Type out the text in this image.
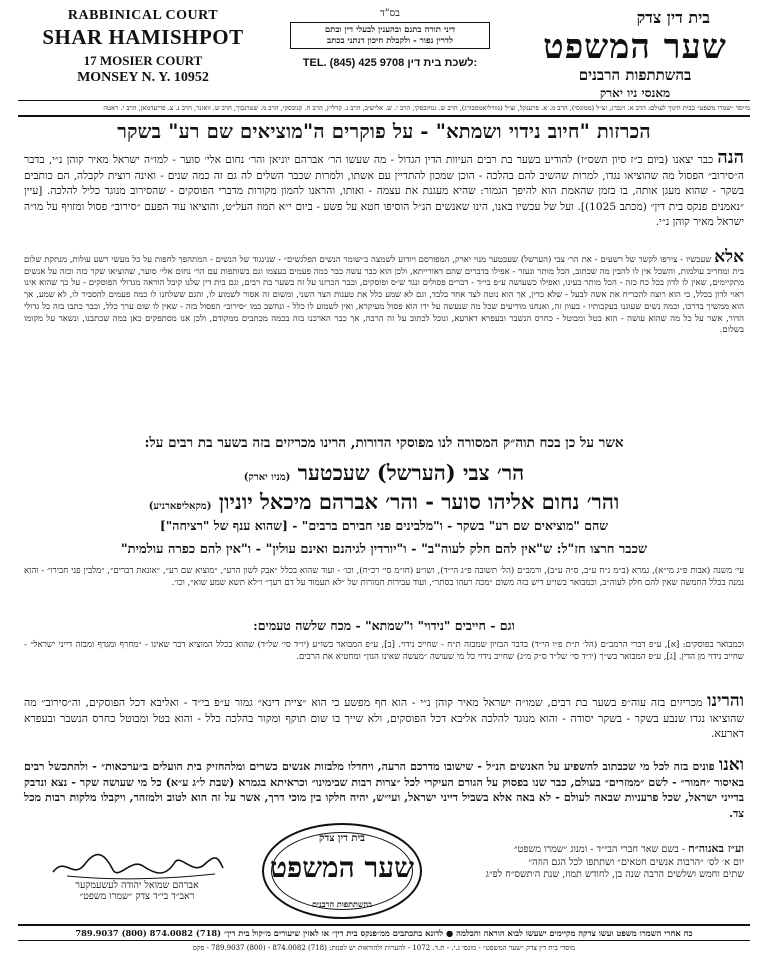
RABBINICAL COURT
SHAR HAMISHPOT
17 MOSIER COURT
MONSEY N. Y. 10952
בס"ד
דיני תורה בתנם ובהענין לבעלי דין ובתם
לדרין נפור - ולקבלת חיכון דנתני בכתב
TEL. (845) 425 9708 לשכת בית דין:
בית דין צדק
שער המשפט
בהשתתפות הרבנים
מאנסי ניו יארק
מייסד ״שמרו משפט״ בבית חינוך לעולם: הרב א. וינברג, זצ״ל (ממונסי), הרב מ. א. פרענקל, זצ״ל (מוויליאמסבורג), הרב ש. גנחובסקי, הרב י. ש. אלישיב, הרב נ. קרליץ, הרב ח. קניבסקי, הרב מ. שטרנבוך, הרב ש. וואזנר, הרב נ. צ. פריעדמאן, הרב י. ראטה
הכרזות "חיוב נידוי ושמתא" - על פוקרים ה"מוציאים שם רע" בשקר
הנה כבר יצאנו (ביום כ״ז סיון תשס״ז) להודיע בשער בת רבים העיוות הדין הגדול - מה שעשו הר׳ אברהם יוניאן והר׳ נחום אלי׳ סוער - למו״ה ישראל מאיר קוהן נ״י, בדבר ה״סירוב״ הפסול מה שהוציאו נגדו, למרות שהשיב להם בהלכה - הוכן שמכון להתדיין עם אשתו, ולמרות שכבר השלים לה גם זה כמה שנים - ואינה רוצית לקבלה, הם כותבים בשקר - שהוא מעגן אותה, בו בזמן שהאמת הוא להיפך הגמור: שהיא מעגנת את עצמה - ואותו, והראנו להמון מקורות מדברי הפוסקים - שהסירוב מנוגד כליל להלכה. [עיין ״נאמנים פנקס בית דין״ (מכתב 1025)]. ועל של עכשיו באנו, הינו שאנשים הנ״ל הוסיפו חטא על פשע - ביום י״א תמוז העל״ט, והוציאו עוד הפעם ״סירוב״ פסול ומזויף על מו״ה ישראל מאיר קוהן נ״י.
אלא שעכשיו - צירפו לקשר של רשעים - את הר׳ צבי (הערשל) שעכטער מנוי יארק, המפורסם ויודוע לשמצה ב״שומר הנשים הפלגשים״ - שנינגוד של הנשים - המתהפך לחפות על כל מעשי רשע עולות, מנתקת שלום בית ומחריב עולמות, והשכל אין לו להבין מה שכתוב, הכל מותר ונעזר - אפילו בדברים שהם דאורייתא, ולכן הוא כבר עשה כבר כמה פעמים בעצמו וגם בשותפות עם הר׳ נחום אלי׳ סוער, שהוציאו שקר כזה וכזה על אנשים מתקיימים, שאין לו לדון בכל כח כזה - הכל מותר בעינו, ואפילו כשעושה ע״פ בי״ד - דברים פסולים ונגד ש״ס ופוסקים, וכבר הכרזנו על זה בשער בת רבים, וגם בית דין שלנו קיבל הוראה מגדולי הפוסקים - על כך שהוא אינו ראוי לדון בכלל, כי הוא רוצה להכריח את אשה לבעל - שלא כדין, אך הוא נוטה לצד אחד בלבד, וגם לא שמע כלל את טענות הצד השני, ומשום זה אסור לשמוע לו, והגם ששלחנו לו כמה פעמים להסביר לו, לא שמע, אך הוא ממשיך בדרכו, וכמה נשים שעוגנו בעקבותיו - בעוון זה, ואנחנו מודיעים שכל מה שנעשה על ידו הוא פסול מעיקרא, ואין לשמוע לו כלל - ונחשב כמו ״סירוב״ הפסול בזה - שאין לו שום ערך כלל, וכבר כתבו בזה כל גדולי הדור, אשר על כל מה שהוא עושה - הוא בטל ומבוטל - כחרס הנשבר ובעפרא דארעא, ונוכל לכתוב על זה הרבה, אך כבר הארכנו בזה בכמה מכתבים ממקודם, ולכן אנו מסתפקים כאן במה שכתבנו, ונשאר על מקומו בשלום.
אשר על כן בכח תוה״ק המסורה לנו מפוסקי הדורות, הרינו מכריזים בזה בשער בת רבים על:
הר׳ צבי (הערשל) שעכטער (מניו יארק)
והר׳ נחום אליהו סוער - והר׳ אברהם מיכאל יוניון (מקאליפארניע)
שהם "מוציאים שם רע" בשקר - ו"מלבינים פני חבירם ברבים" - [שהוא ענף של "רציחה"]
שכבר חרצו חז"ל: ש"אין להם חלק לעוה"ב" - ו"יורדין לגיהנם ואינם עולין" - ו"אין להם כפרה עולמית"
עי׳ משנה (אבות פ״ג מי״א), גמרא (ב״מ נ״ח ע״ב, ס״ה ע״ב), ורמב״ם (הל׳ תשובה פ״ג הי״ד), ושו״ע (חו״מ סי׳ רכ״ח), וכו׳ - ועוד שהוא בכלל ״אבק לשון הרע״, ״מוציא שם רע״, ״אונאת דברים״, ״מלבין פני חבירו״ - והוא נמנה בכלל החמשה שאין להם חלק לעוה״ב, וכמבואר בשו״ע דיש בזה משום ״מכה רעהו בסתר״, ועוד עבירות חמורות של ״לא תעמוד על דם רעך״ ו״לא תשא שמע שוא״, וכו׳.
וגם - חייבים "נידוי" ו"שמתא" - מכח שלשה טעמים:
וכמבואר בפוסקים: [א], ע״פ דברי הרמב״ם (הל׳ ת״ת פ״ו הי״ד) בדבר הבזיון שמבזה ת״ח - שחייב נידוי. [ב], ע״פ המבואר בשו״ע (יו״ד סי׳ של״ד) שהוא בכלל המוציא דבר שאינו - ״מחרף ומגדף ומבזה דייני ישראל״ - שחייב נידוי מן הדין. [ג], ע״פ המבואר בש״ך (יו״ד סי׳ של״ד ס״ק מ״ג) שחייב נידוי כל מי שעושה ״מעשה שאינו הגון״ ומחטיא את הרבים.
והרינו מכריזים בזה עוה״פ בשער בת רבים, שמו״ה ישראל מאיר קוהן נ״י - הוא חף מפשע כי הוא ״ציית דינא״ גמור ע״פ בי״ד - ואליבא דכל הפוסקים, וה״סירוב״ מה שהוציאו נגדו שנבע בשקר - בשקר יסודה - והוא מנוגד להלכה אליבא דכל הפוסקים, ולא שייך בו שום תוקף ומקור בהלכה כלל - והוא בטל ומבוטל כחרס הנשבר ובעפרא דארעא.
ואנו פונים בזה לכל מי שכבתוב להשפיע על האנשים הנ״ל - שישובו מדרכם הרעה, ויחדלו מלבזות אנשים כשרים ומלהחזיק בית הועלים ב״ערכאות״ - ולהתכשל רבים באיסור ״חמור״ - לשם ״ממזרים״ בעולם, כבר שנו בפסוק על הגורם העיקרי לכל ״צרות רבות שבימינו״ וכראיתא בגמרא (שבת ל״ג ע״א) כל מי שעושה שקר - נצא ונדבק בדייני ישראל, שכל פרעניות שבאה לעולם - לא באה אלא בשביל דייני ישראל, ועי״ש, יהיה חלקו בין מוכי דרך, אשר על זה הוא לטוב ולמזהר, ויקבלו מלקות רבות מכל צד.
וע״ז באנוה״ח - בשם שאר חברי הבי״ד - ומנוג ״שמרו משפט״
יום א׳ לס׳ ״הרבות אנשים חטאים״ ושתתפו לכל הגם הוזה״
שתים וחמש ושלשים הרבה שנה בן, לחודש תמוז, שנת ה׳תשס״ח לפ״ג
בית דין צדק
שער המשפט
בהשתתפות הרבנים
אברהם שמואל יהודה לעשעמקער
ראב״ד בי״ד צדק ״שמרו משפט״
כח אחרי השמרו משפט ועשו צדקה מקיימים ישעשו לבוא הוראה והכלמה ● לדונא בתכתבים ממ״פנקס בית דין״ או לאזין שיעורים מ״קול בית דין״ (718) 874.0082 (800) 789.9037
מוסדי בית דין צדק ״שער המשפט״ - מונסי נ.י. - ת.ד. 1072 - להערות ולהוראות יש לפנות: (718) 874.0082 - (800) 789.9037 - פקס
